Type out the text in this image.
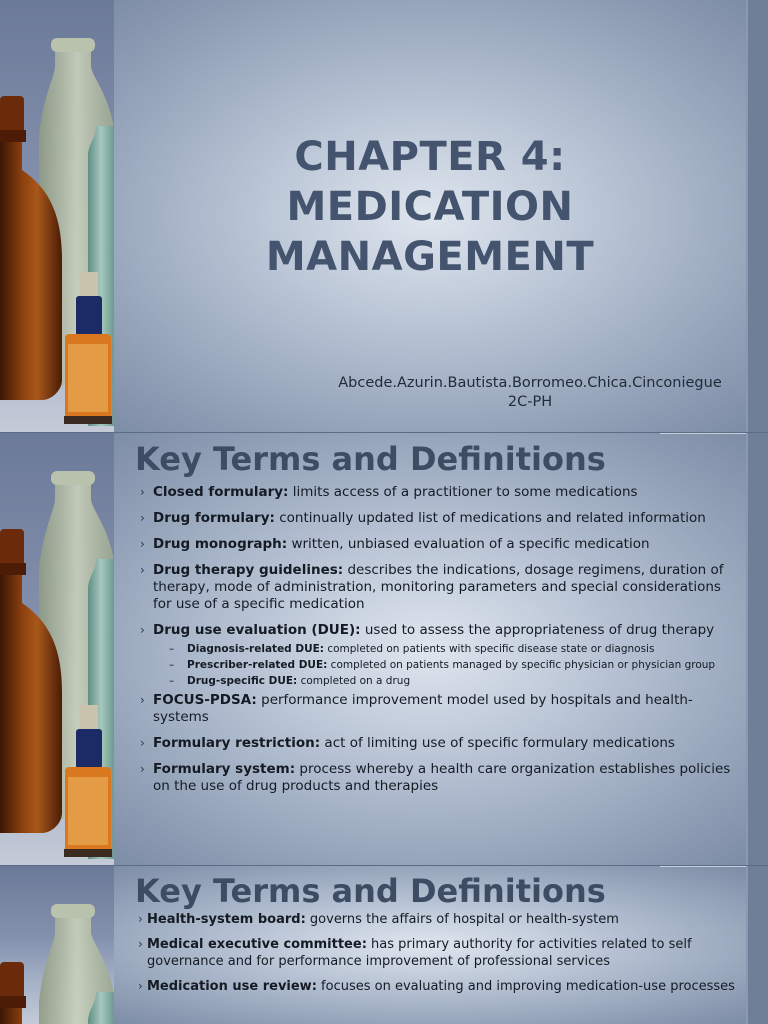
CHAPTER 4:
MEDICATION MANAGEMENT
Abcede.Azurin.Bautista.Borromeo.Chica.Cinconiegue
2C-PH
Key Terms and Definitions
› Closed formulary: limits access of a practitioner to some medications
› Drug formulary: continually updated list of medications and related information
› Drug monograph: written, unbiased evaluation of a specific medication
› Drug therapy guidelines: describes the indications, dosage regimens, duration of therapy, mode of administration, monitoring parameters and special considerations for use of a specific medication
› Drug use evaluation (DUE): used to assess the appropriateness of drug therapy
– Diagnosis-related DUE: completed on patients with specific disease state or diagnosis
– Prescriber-related DUE: completed on patients managed by specific physician or physician group
– Drug-specific DUE: completed on a drug
› FOCUS-PDSA: performance improvement model used by hospitals and health-systems
› Formulary restriction: act of limiting use of specific formulary medications
› Formulary system: process whereby a health care organization establishes policies on the use of drug products and therapies
Key Terms and Definitions
› Health-system board: governs the affairs of hospital or health-system
› Medical executive committee: has primary authority for activities related to self governance and for performance improvement of professional services
› Medication use review: focuses on evaluating and improving medication-use processes
